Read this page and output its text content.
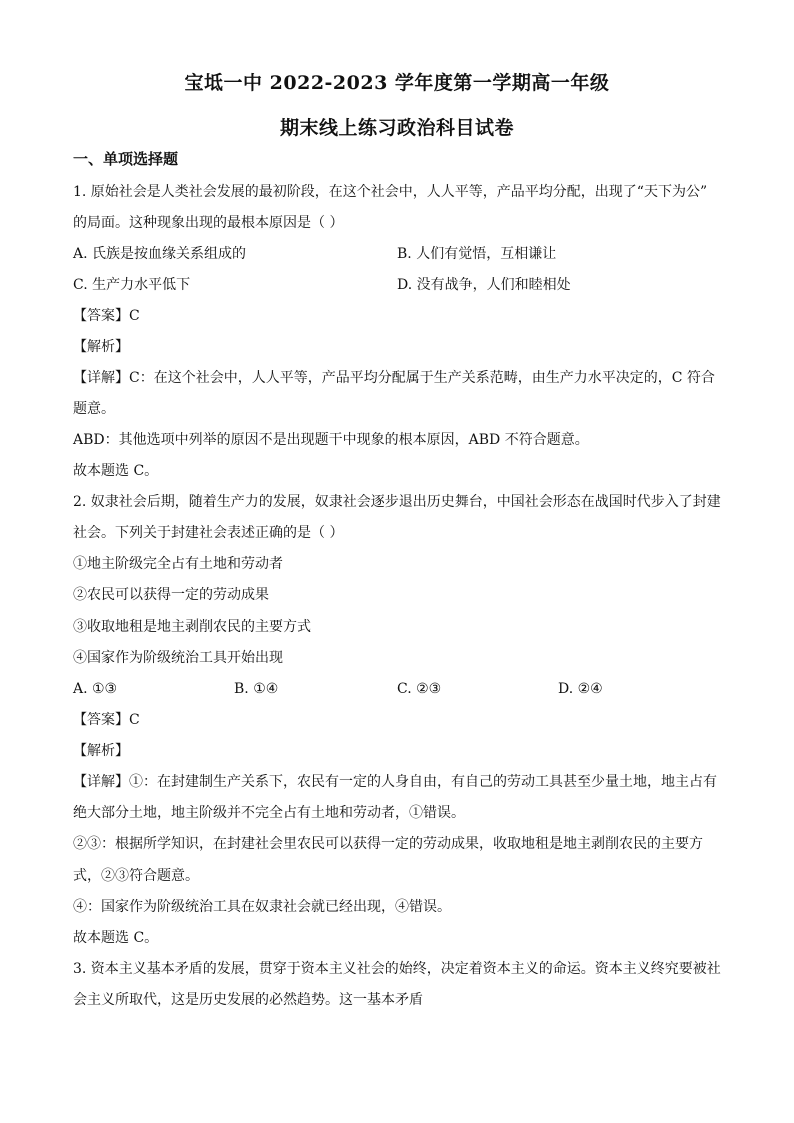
宝坻一中 2022-2023 学年度第一学期高一年级
期末线上练习政治科目试卷
一、单项选择题
1. 原始社会是人类社会发展的最初阶段，在这个社会中，人人平等，产品平均分配，出现了“天下为公”
的局面。这种现象出现的最根本原因是（ ）
A. 氏族是按血缘关系组成的	B. 人们有觉悟，互相谦让
C. 生产力水平低下	D. 没有战争，人们和睦相处
【答案】C
【解析】
【详解】C：在这个社会中，人人平等，产品平均分配属于生产关系范畴，由生产力水平决定的，C 符合
题意。
ABD：其他选项中列举的原因不是出现题干中现象的根本原因，ABD 不符合题意。
故本题选 C。
2. 奴隶社会后期，随着生产力的发展，奴隶社会逐步退出历史舞台，中国社会形态在战国时代步入了封建
社会。下列关于封建社会表述正确的是（ ）
①地主阶级完全占有土地和劳动者
②农民可以获得一定的劳动成果
③收取地租是地主剥削农民的主要方式
④国家作为阶级统治工具开始出现
A. ①③	B. ①④	C. ②③	D. ②④
【答案】C
【解析】
【详解】①：在封建制生产关系下，农民有一定的人身自由，有自己的劳动工具甚至少量土地，地主占有
绝大部分土地，地主阶级并不完全占有土地和劳动者，①错误。
②③：根据所学知识，在封建社会里农民可以获得一定的劳动成果，收取地租是地主剥削农民的主要方
式，②③符合题意。
④：国家作为阶级统治工具在奴隶社会就已经出现，④错误。
故本题选 C。
3. 资本主义基本矛盾的发展，贯穿于资本主义社会的始终，决定着资本主义的命运。资本主义终究要被社
会主义所取代，这是历史发展的必然趋势。这一基本矛盾
